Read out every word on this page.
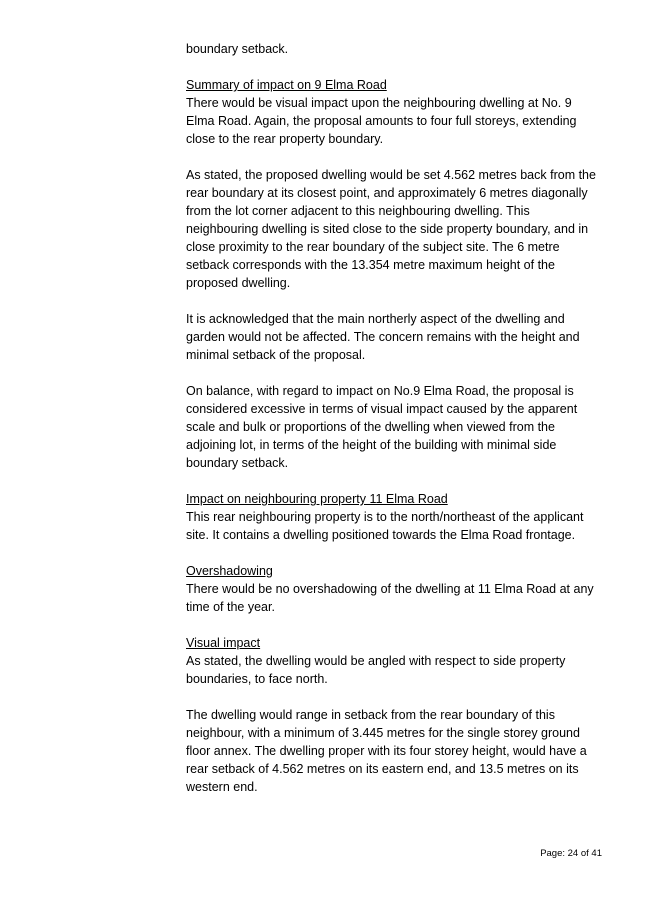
boundary setback.
Summary of impact on 9 Elma Road
There would be visual impact upon the neighbouring dwelling at No. 9 Elma Road. Again, the proposal amounts to four full storeys, extending close to the rear property boundary.
As stated, the proposed dwelling would be set 4.562 metres back from the rear boundary at its closest point, and approximately 6 metres diagonally from the lot corner adjacent to this neighbouring dwelling. This neighbouring dwelling is sited close to the side property boundary, and in close proximity to the rear boundary of the subject site. The 6 metre setback corresponds with the 13.354 metre maximum height of the proposed dwelling.
It is acknowledged that the main northerly aspect of the dwelling and garden would not be affected. The concern remains with the height and minimal setback of the proposal.
On balance, with regard to impact on No.9 Elma Road, the proposal is considered excessive in terms of visual impact caused by the apparent scale and bulk or proportions of the dwelling when viewed from the adjoining lot, in terms of the height of the building with minimal side boundary setback.
Impact on neighbouring property 11 Elma Road
This rear neighbouring property is to the north/northeast of the applicant site. It contains a dwelling positioned towards the Elma Road frontage.
Overshadowing
There would be no overshadowing of the dwelling at 11 Elma Road at any time of the year.
Visual impact
As stated, the dwelling would be angled with respect to side property boundaries, to face north.
The dwelling would range in setback from the rear boundary of this neighbour, with a minimum of 3.445 metres for the single storey ground floor annex. The dwelling proper with its four storey height, would have a rear setback of 4.562 metres on its eastern end, and 13.5 metres on its western end.
Page: 24 of 41
